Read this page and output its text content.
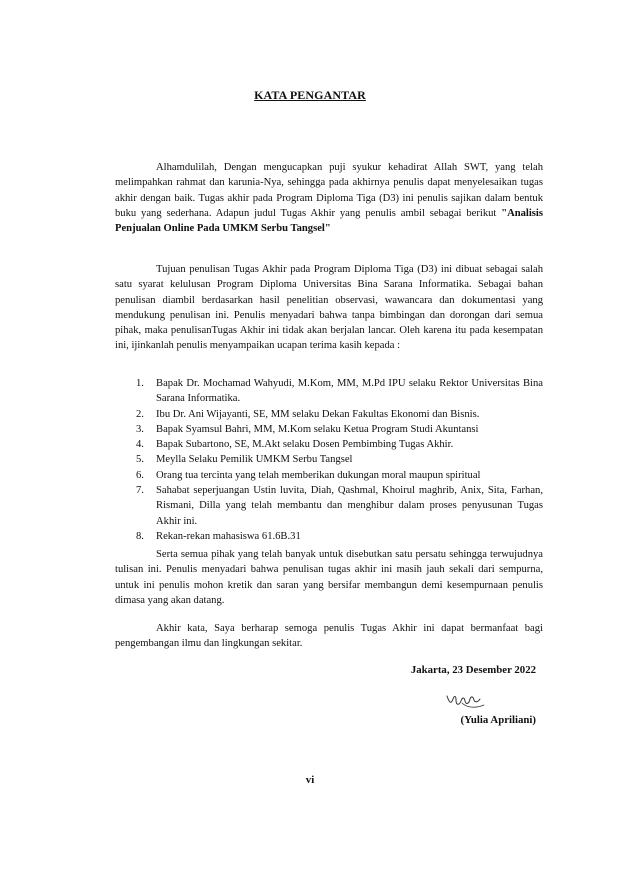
KATA PENGANTAR

Alhamdulilah, Dengan mengucapkan puji syukur kehadirat Allah SWT, yang telah melimpahkan rahmat dan karunia-Nya, sehingga pada akhirnya penulis dapat menyelesaikan tugas akhir dengan baik. Tugas akhir pada Program Diploma Tiga (D3) ini penulis sajikan dalam bentuk buku yang sederhana. Adapun judul Tugas Akhir yang penulis ambil sebagai berikut "Analisis Penjualan Online Pada UMKM Serbu Tangsel"

Tujuan penulisan Tugas Akhir pada Program Diploma Tiga (D3) ini dibuat sebagai salah satu syarat kelulusan Program Diploma Universitas Bina Sarana Informatika. Sebagai bahan penulisan diambil berdasarkan hasil penelitian observasi, wawancara dan dokumentasi yang mendukung penulisan ini. Penulis menyadari bahwa tanpa bimbingan dan dorongan dari semua pihak, maka penulisanTugas Akhir ini tidak akan berjalan lancar. Oleh karena itu pada kesempatan ini, ijinkanlah penulis menyampaikan ucapan terima kasih kepada :

1. Bapak Dr. Mochamad Wahyudi, M.Kom, MM, M.Pd IPU selaku Rektor Universitas Bina Sarana Informatika.
2. Ibu Dr. Ani Wijayanti, SE, MM selaku Dekan Fakultas Ekonomi dan Bisnis.
3. Bapak Syamsul Bahri, MM, M.Kom selaku Ketua Program Studi Akuntansi
4. Bapak Subartono, SE, M.Akt selaku Dosen Pembimbing Tugas Akhir.
5. Meylla Selaku Pemilik UMKM Serbu Tangsel
6. Orang tua tercinta yang telah memberikan dukungan moral maupun spiritual
7. Sahabat seperjuangan Ustin luvita, Diah, Qashmal, Khoirul maghrib, Anix, Sita, Farhan, Rismani, Dilla yang telah membantu dan menghibur dalam proses penyusunan Tugas Akhir ini.
8. Rekan-rekan mahasiswa 61.6B.31

Serta semua pihak yang telah banyak untuk disebutkan satu persatu sehingga terwujudnya tulisan ini. Penulis menyadari bahwa penulisan tugas akhir ini masih jauh sekali dari sempurna, untuk ini penulis mohon kretik dan saran yang bersifar membangun demi kesempurnaan penulis dimasa yang akan datang.

Akhir kata, Saya berharap semoga penulis Tugas Akhir ini dapat bermanfaat bagi pengembangan ilmu dan lingkungan sekitar.

Jakarta, 23 Desember 2022
(Yulia Apriliani)
vi
